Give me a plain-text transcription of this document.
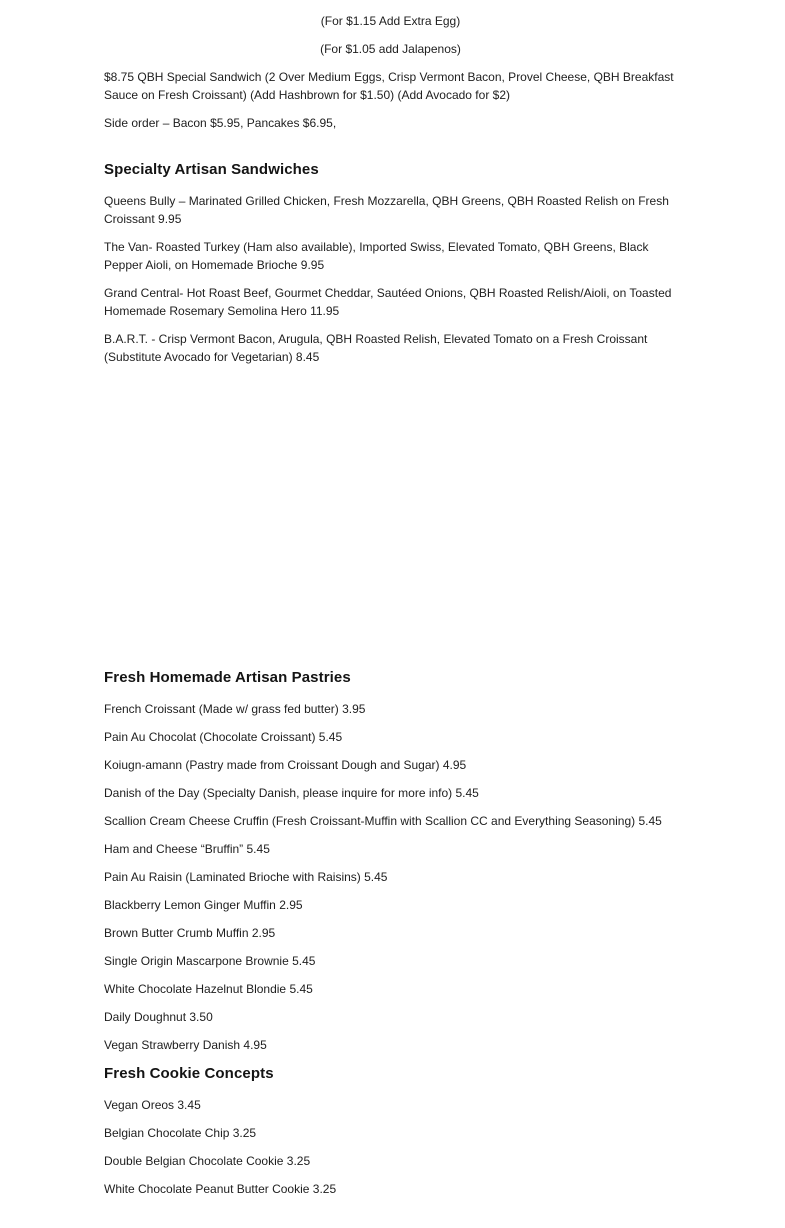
(For $1.15 Add Extra Egg)

(For $1.05 add Jalapenos)

$8.75 QBH Special Sandwich (2 Over Medium Eggs, Crisp Vermont Bacon, Provel Cheese, QBH Breakfast Sauce on Fresh Croissant) (Add Hashbrown for $1.50) (Add Avocado for $2)

Side order – Bacon $5.95, Pancakes $6.95,

Specialty Artisan Sandwiches

Queens Bully – Marinated Grilled Chicken, Fresh Mozzarella, QBH Greens, QBH Roasted Relish on Fresh Croissant 9.95

The Van- Roasted Turkey (Ham also available), Imported Swiss, Elevated Tomato, QBH Greens, Black Pepper Aioli, on Homemade Brioche 9.95

Grand Central- Hot Roast Beef, Gourmet Cheddar, Sautéed Onions, QBH Roasted Relish/Aioli, on Toasted Homemade Rosemary Semolina Hero 11.95

B.A.R.T. - Crisp Vermont Bacon, Arugula, QBH Roasted Relish, Elevated Tomato on a Fresh Croissant (Substitute Avocado for Vegetarian) 8.45

Fresh Homemade Artisan Pastries

French Croissant (Made w/ grass fed butter) 3.95

Pain Au Chocolat (Chocolate Croissant) 5.45

Koiugn-amann (Pastry made from Croissant Dough and Sugar) 4.95

Danish of the Day (Specialty Danish, please inquire for more info) 5.45

Scallion Cream Cheese Cruffin (Fresh Croissant-Muffin with Scallion CC and Everything Seasoning) 5.45

Ham and Cheese “Bruffin” 5.45

Pain Au Raisin (Laminated Brioche with Raisins) 5.45

Blackberry Lemon Ginger Muffin 2.95

Brown Butter Crumb Muffin 2.95

Single Origin Mascarpone Brownie 5.45

White Chocolate Hazelnut Blondie 5.45

Daily Doughnut 3.50

Vegan Strawberry Danish 4.95

Fresh Cookie Concepts

Vegan Oreos 3.45

Belgian Chocolate Chip 3.25

Double Belgian Chocolate Cookie 3.25

White Chocolate Peanut Butter Cookie 3.25
